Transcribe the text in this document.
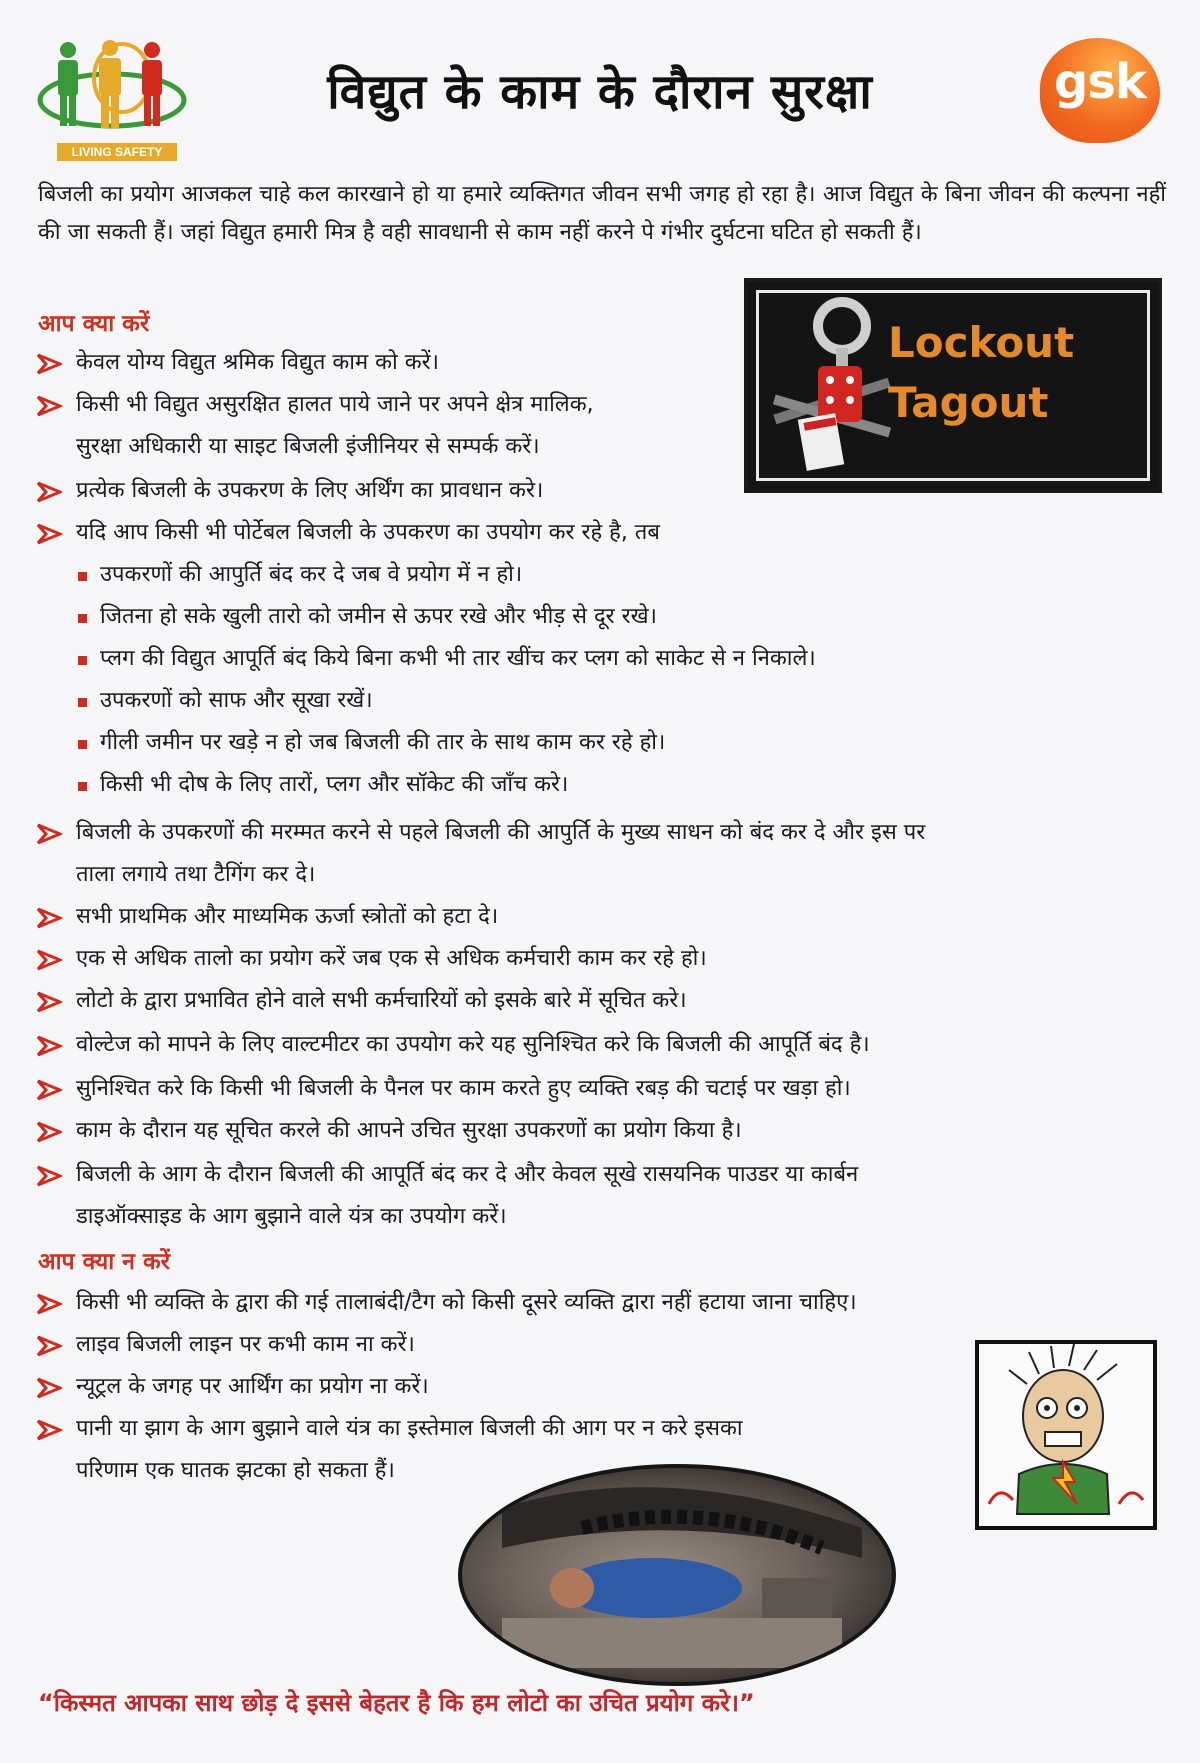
LIVING SAFETY
विद्युत के काम के दौरान सुरक्षा	gsk
बिजली का प्रयोग आजकल चाहे कल कारखाने हो या हमारे व्यक्तिगत जीवन सभी जगह हो रहा है। आज विद्युत के बिना जीवन की कल्पना नहीं की जा सकती हैं। जहां विद्युत हमारी मित्र है वही सावधानी से काम नहीं करने पे गंभीर दुर्घटना घटित हो सकती हैं।
आप क्या करें	Lockout
Tagout
केवल योग्य विद्युत श्रमिक विद्युत काम को करें।
किसी भी विद्युत असुरक्षित हालत पाये जाने पर अपने क्षेत्र मालिक,
सुरक्षा अधिकारी या साइट बिजली इंजीनियर से सम्पर्क करें।
प्रत्येक बिजली के उपकरण के लिए अर्थिंग का प्रावधान करे।
यदि आप किसी भी पोर्टेबल बिजली के उपकरण का उपयोग कर रहे है, तब
उपकरणों की आपुर्ति बंद कर दे जब वे प्रयोग में न हो।
जितना हो सके खुली तारो को जमीन से ऊपर रखे और भीड़ से दूर रखे।
प्लग की विद्युत आपूर्ति बंद किये बिना कभी भी तार खींच कर प्लग को साकेट से न निकाले।
उपकरणों को साफ और सूखा रखें।
गीली जमीन पर खड़े न हो जब बिजली की तार के साथ काम कर रहे हो।
किसी भी दोष के लिए तारों, प्लग और सॉकेट की जाँच करे।
बिजली के उपकरणों की मरम्मत करने से पहले बिजली की आपुर्ति के मुख्य साधन को बंद कर दे और इस पर
ताला लगाये तथा टैगिंग कर दे।
सभी प्राथमिक और माध्यमिक ऊर्जा स्त्रोतों को हटा दे।
एक से अधिक तालो का प्रयोग करें जब एक से अधिक कर्मचारी काम कर रहे हो।
लोटो के द्वारा प्रभावित होने वाले सभी कर्मचारियों को इसके बारे में सूचित करे।
वोल्टेज को मापने के लिए वाल्टमीटर का उपयोग करे यह सुनिश्चित करे कि बिजली की आपूर्ति बंद है।
सुनिश्चित करे कि किसी भी बिजली के पैनल पर काम करते हुए व्यक्ति रबड़ की चटाई पर खड़ा हो।
काम के दौरान यह सूचित करले की आपने उचित सुरक्षा उपकरणों का प्रयोग किया है।
बिजली के आग के दौरान बिजली की आपूर्ति बंद कर दे और केवल सूखे रासयनिक पाउडर या कार्बन
डाइऑक्साइड के आग बुझाने वाले यंत्र का उपयोग करें।
आप क्या न करें
किसी भी व्यक्ति के द्वारा की गई तालाबंदी/टैग को किसी दूसरे व्यक्ति द्वारा नहीं हटाया जाना चाहिए।
लाइव बिजली लाइन पर कभी काम ना करें।
न्यूट्रल के जगह पर आर्थिंग का प्रयोग ना करें।
पानी या झाग के आग बुझाने वाले यंत्र का इस्तेमाल बिजली की आग पर न करे इसका
परिणाम एक घातक झटका हो सकता हैं।
“किस्मत आपका साथ छोड़ दे इससे बेहतर है कि हम लोटो का उचित प्रयोग करे।”
